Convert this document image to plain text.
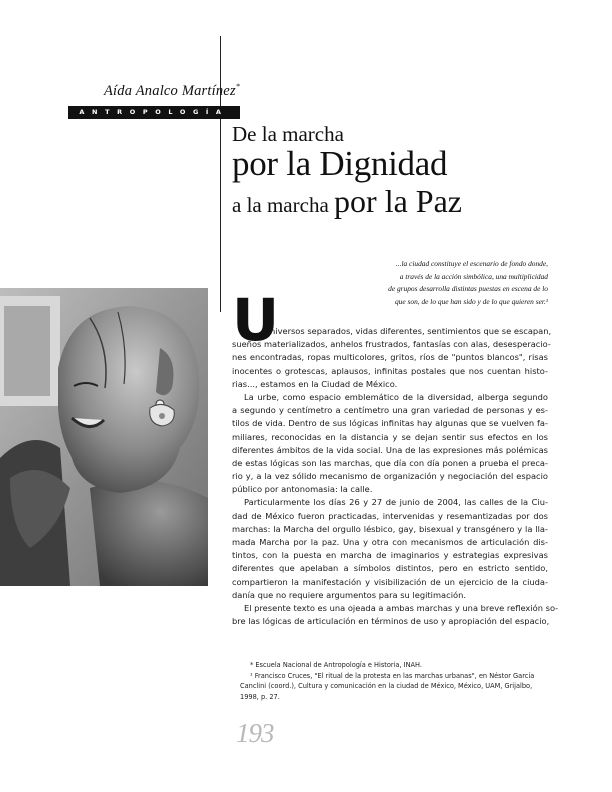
Aída Analco Martínez*
ANTROPOLOGÍA
De la marcha
por la Dignidad
a la marcha por la Paz
...la ciudad constituye el escenario de fondo donde,
a través de la acción simbólica, una multiplicidad
de grupos desarrolla distintas puestas en escena de lo
que son, de lo que han sido y de lo que quieren ser.¹
U
niversos separados, vidas diferentes, sentimientos que se escapan,
sueños materializados, anhelos frustrados, fantasías con alas, desesperacio-
nes encontradas, ropas multicolores, gritos, ríos de "puntos blancos", risas
inocentes o grotescas, aplausos, infinitas postales que nos cuentan histo-
rias..., estamos en la Ciudad de México.
La urbe, como espacio emblemático de la diversidad, alberga segundo
a segundo y centímetro a centímetro una gran variedad de personas y es-
tilos de vida. Dentro de sus lógicas infinitas hay algunas que se vuelven fa-
miliares, reconocidas en la distancia y se dejan sentir sus efectos en los
diferentes ámbitos de la vida social. Una de las expresiones más polémicas
de estas lógicas son las marchas, que día con día ponen a prueba el preca-
rio y, a la vez sólido mecanismo de organización y negociación del espacio
público por antonomasia: la calle.
Particularmente los días 26 y 27 de junio de 2004, las calles de la Ciu-
dad de México fueron practicadas, intervenidas y resemantizadas por dos
marchas: la Marcha del orgullo lésbico, gay, bisexual y transgénero y la lla-
mada Marcha por la paz. Una y otra con mecanismos de articulación dis-
tintos, con la puesta en marcha de imaginarios y estrategias expresivas
diferentes que apelaban a símbolos distintos, pero en estricto sentido,
compartieron la manifestación y visibilización de un ejercicio de la ciuda-
danía que no requiere argumentos para su legitimación.
El presente texto es una ojeada a ambas marchas y una breve reflexión so-
bre las lógicas de articulación en términos de uso y apropiación del espacio,
* Escuela Nacional de Antropología e Historia, INAH.
¹ Francisco Cruces, "El ritual de la protesta en las marchas urbanas", en Néstor García
Canclini (coord.), Cultura y comunicación en la ciudad de México, México, UAM, Grijalbo,
1998, p. 27.
193
